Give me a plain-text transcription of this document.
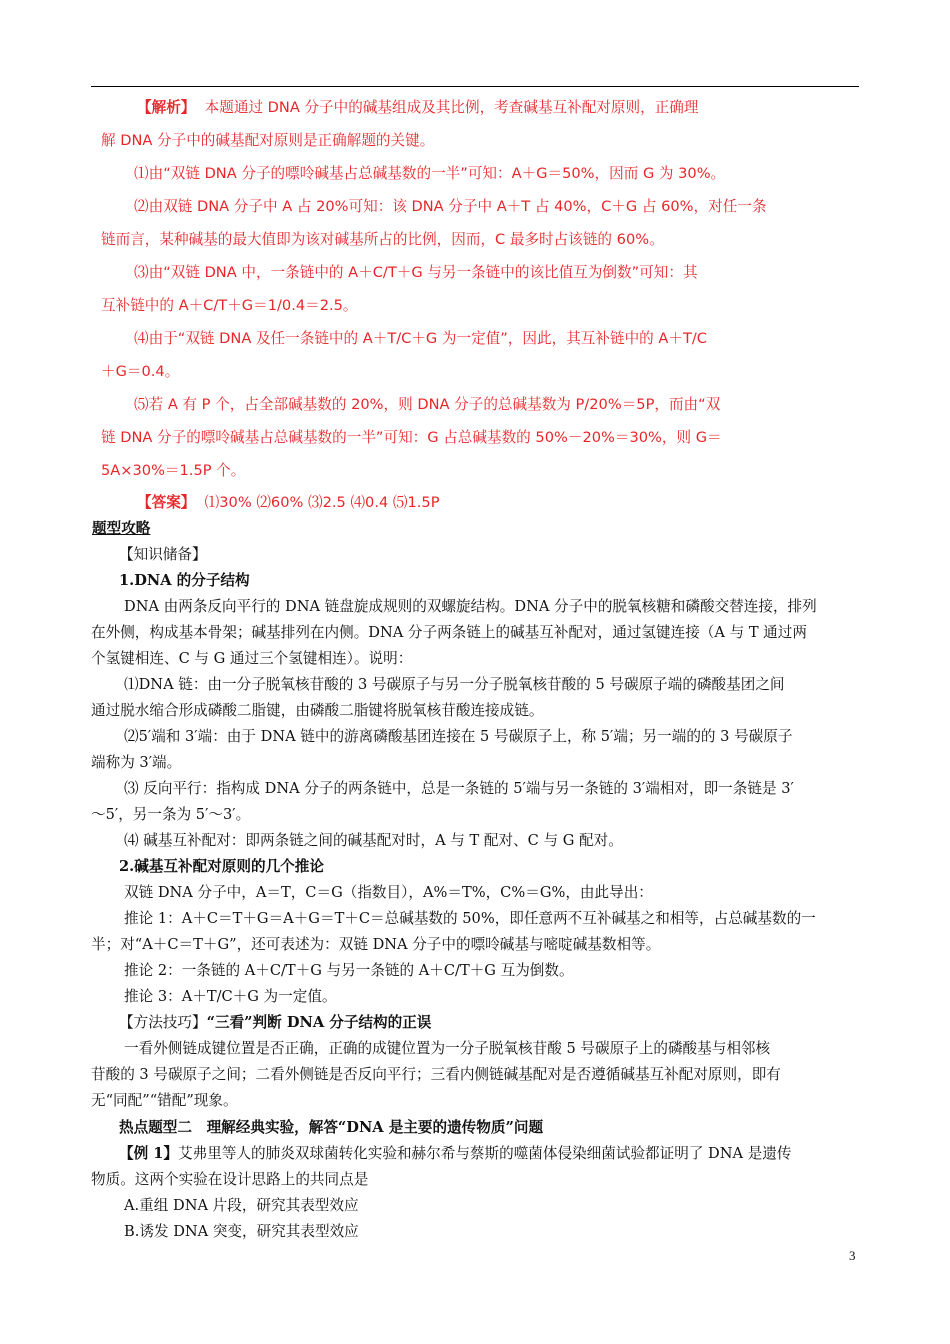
【解析】 本题通过 DNA 分子中的碱基组成及其比例，考查碱基互补配对原则，正确理
解 DNA 分子中的碱基配对原则是正确解题的关键。
⑴由“双链 DNA 分子的嘌呤碱基占总碱基数的一半”可知：A＋G＝50%，因而 G 为 30%。
⑵由双链 DNA 分子中 A 占 20%可知：该 DNA 分子中 A＋T 占 40%，C＋G 占 60%，对任一条
链而言，某种碱基的最大值即为该对碱基所占的比例，因而，C 最多时占该链的 60%。
⑶由“双链 DNA 中，一条链中的 A＋C/T＋G 与另一条链中的该比值互为倒数”可知：其
互补链中的 A＋C/T＋G＝1/0.4＝2.5。
⑷由于“双链 DNA 及任一条链中的 A＋T/C＋G 为一定值”，因此，其互补链中的 A＋T/C
＋G＝0.4。
⑸若 A 有 P 个，占全部碱基数的 20%，则 DNA 分子的总碱基数为 P/20%＝5P，而由“双
链 DNA 分子的嘌呤碱基占总碱基数的一半”可知：G 占总碱基数的 50%－20%＝30%，则 G＝
5A×30%＝1.5P 个。
【答案】 ⑴30% ⑵60% ⑶2.5 ⑷0.4 ⑸1.5P
题型攻略
【知识储备】
1.DNA 的分子结构
DNA 由两条反向平行的 DNA 链盘旋成规则的双螺旋结构。DNA 分子中的脱氧核糖和磷酸交替连接，排列
在外侧，构成基本骨架；碱基排列在内侧。DNA 分子两条链上的碱基互补配对，通过氢键连接（A 与 T 通过两
个氢键相连、C 与 G 通过三个氢键相连）。说明：
⑴DNA 链：由一分子脱氧核苷酸的 3 号碳原子与另一分子脱氧核苷酸的 5 号碳原子端的磷酸基团之间
通过脱水缩合形成磷酸二脂键，由磷酸二脂键将脱氧核苷酸连接成链。
⑵5′端和 3′端：由于 DNA 链中的游离磷酸基团连接在 5 号碳原子上，称 5′端；另一端的的 3 号碳原子
端称为 3′端。
⑶ 反向平行：指构成 DNA 分子的两条链中，总是一条链的 5′端与另一条链的 3′端相对，即一条链是 3′
～5′，另一条为 5′～3′。
⑷ 碱基互补配对：即两条链之间的碱基配对时，A 与 T 配对、C 与 G 配对。
2.碱基互补配对原则的几个推论
双链 DNA 分子中，A＝T，C＝G（指数目），A%＝T%，C%＝G%，由此导出：
推论 1：A＋C＝T＋G＝A＋G＝T＋C＝总碱基数的 50%，即任意两不互补碱基之和相等，占总碱基数的一
半；对“A＋C＝T＋G”，还可表述为：双链 DNA 分子中的嘌呤碱基与嘧啶碱基数相等。
推论 2：一条链的 A＋C/T＋G 与另一条链的 A＋C/T＋G 互为倒数。
推论 3：A＋T/C＋G 为一定值。
【方法技巧】“三看”判断 DNA 分子结构的正误
一看外侧链成键位置是否正确，正确的成键位置为一分子脱氧核苷酸 5 号碳原子上的磷酸基与相邻核
苷酸的 3 号碳原子之间；二看外侧链是否反向平行；三看内侧链碱基配对是否遵循碱基互补配对原则，即有
无“同配”“错配”现象。
热点题型二　理解经典实验，解答“DNA 是主要的遗传物质”问题
【例 1】艾弗里等人的肺炎双球菌转化实验和赫尔希与蔡斯的噬菌体侵染细菌试验都证明了 DNA 是遗传
物质。这两个实验在设计思路上的共同点是
A.重组 DNA 片段，研究其表型效应
B.诱发 DNA 突变，研究其表型效应
3
